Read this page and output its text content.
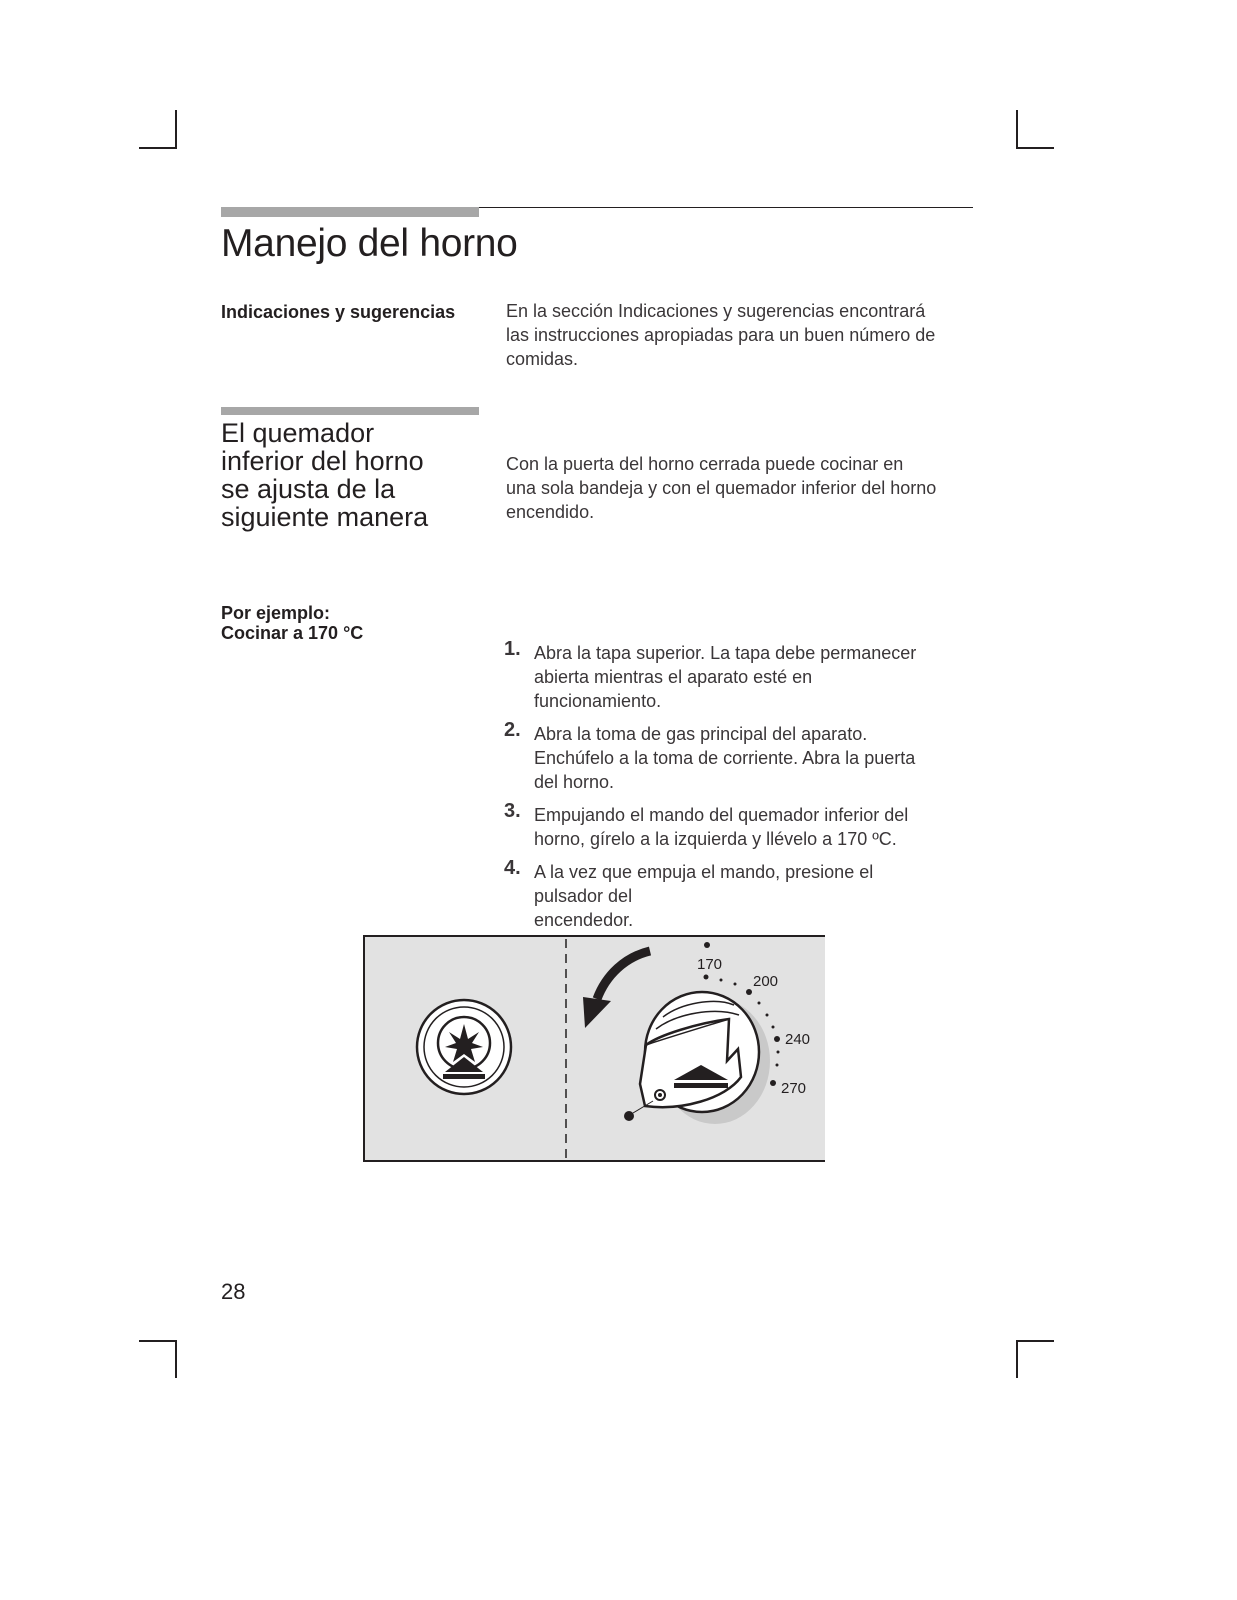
Manejo del horno
Indicaciones y sugerencias	En la sección Indicaciones y sugerencias encontrará
las instrucciones apropiadas para un buen número de
comidas.
El quemador
inferior del horno
se ajusta de la
siguiente manera
Con la puerta del horno cerrada puede cocinar en
una sola bandeja y con el quemador inferior del horno
encendido.
Por ejemplo:
Cocinar a 170 °C
1. Abra la tapa superior. La tapa debe permanecer
abierta mientras el aparato esté en
funcionamiento.
2. Abra la toma de gas principal del aparato.
Enchúfelo a la toma de corriente. Abra la puerta
del horno.
3. Empujando el mando del quemador inferior del
horno, gírelo a la izquierda y llévelo a 170 ºC.
4. A la vez que empuja el mando, presione el
pulsador del
encendedor.
170
200
240
270
28
